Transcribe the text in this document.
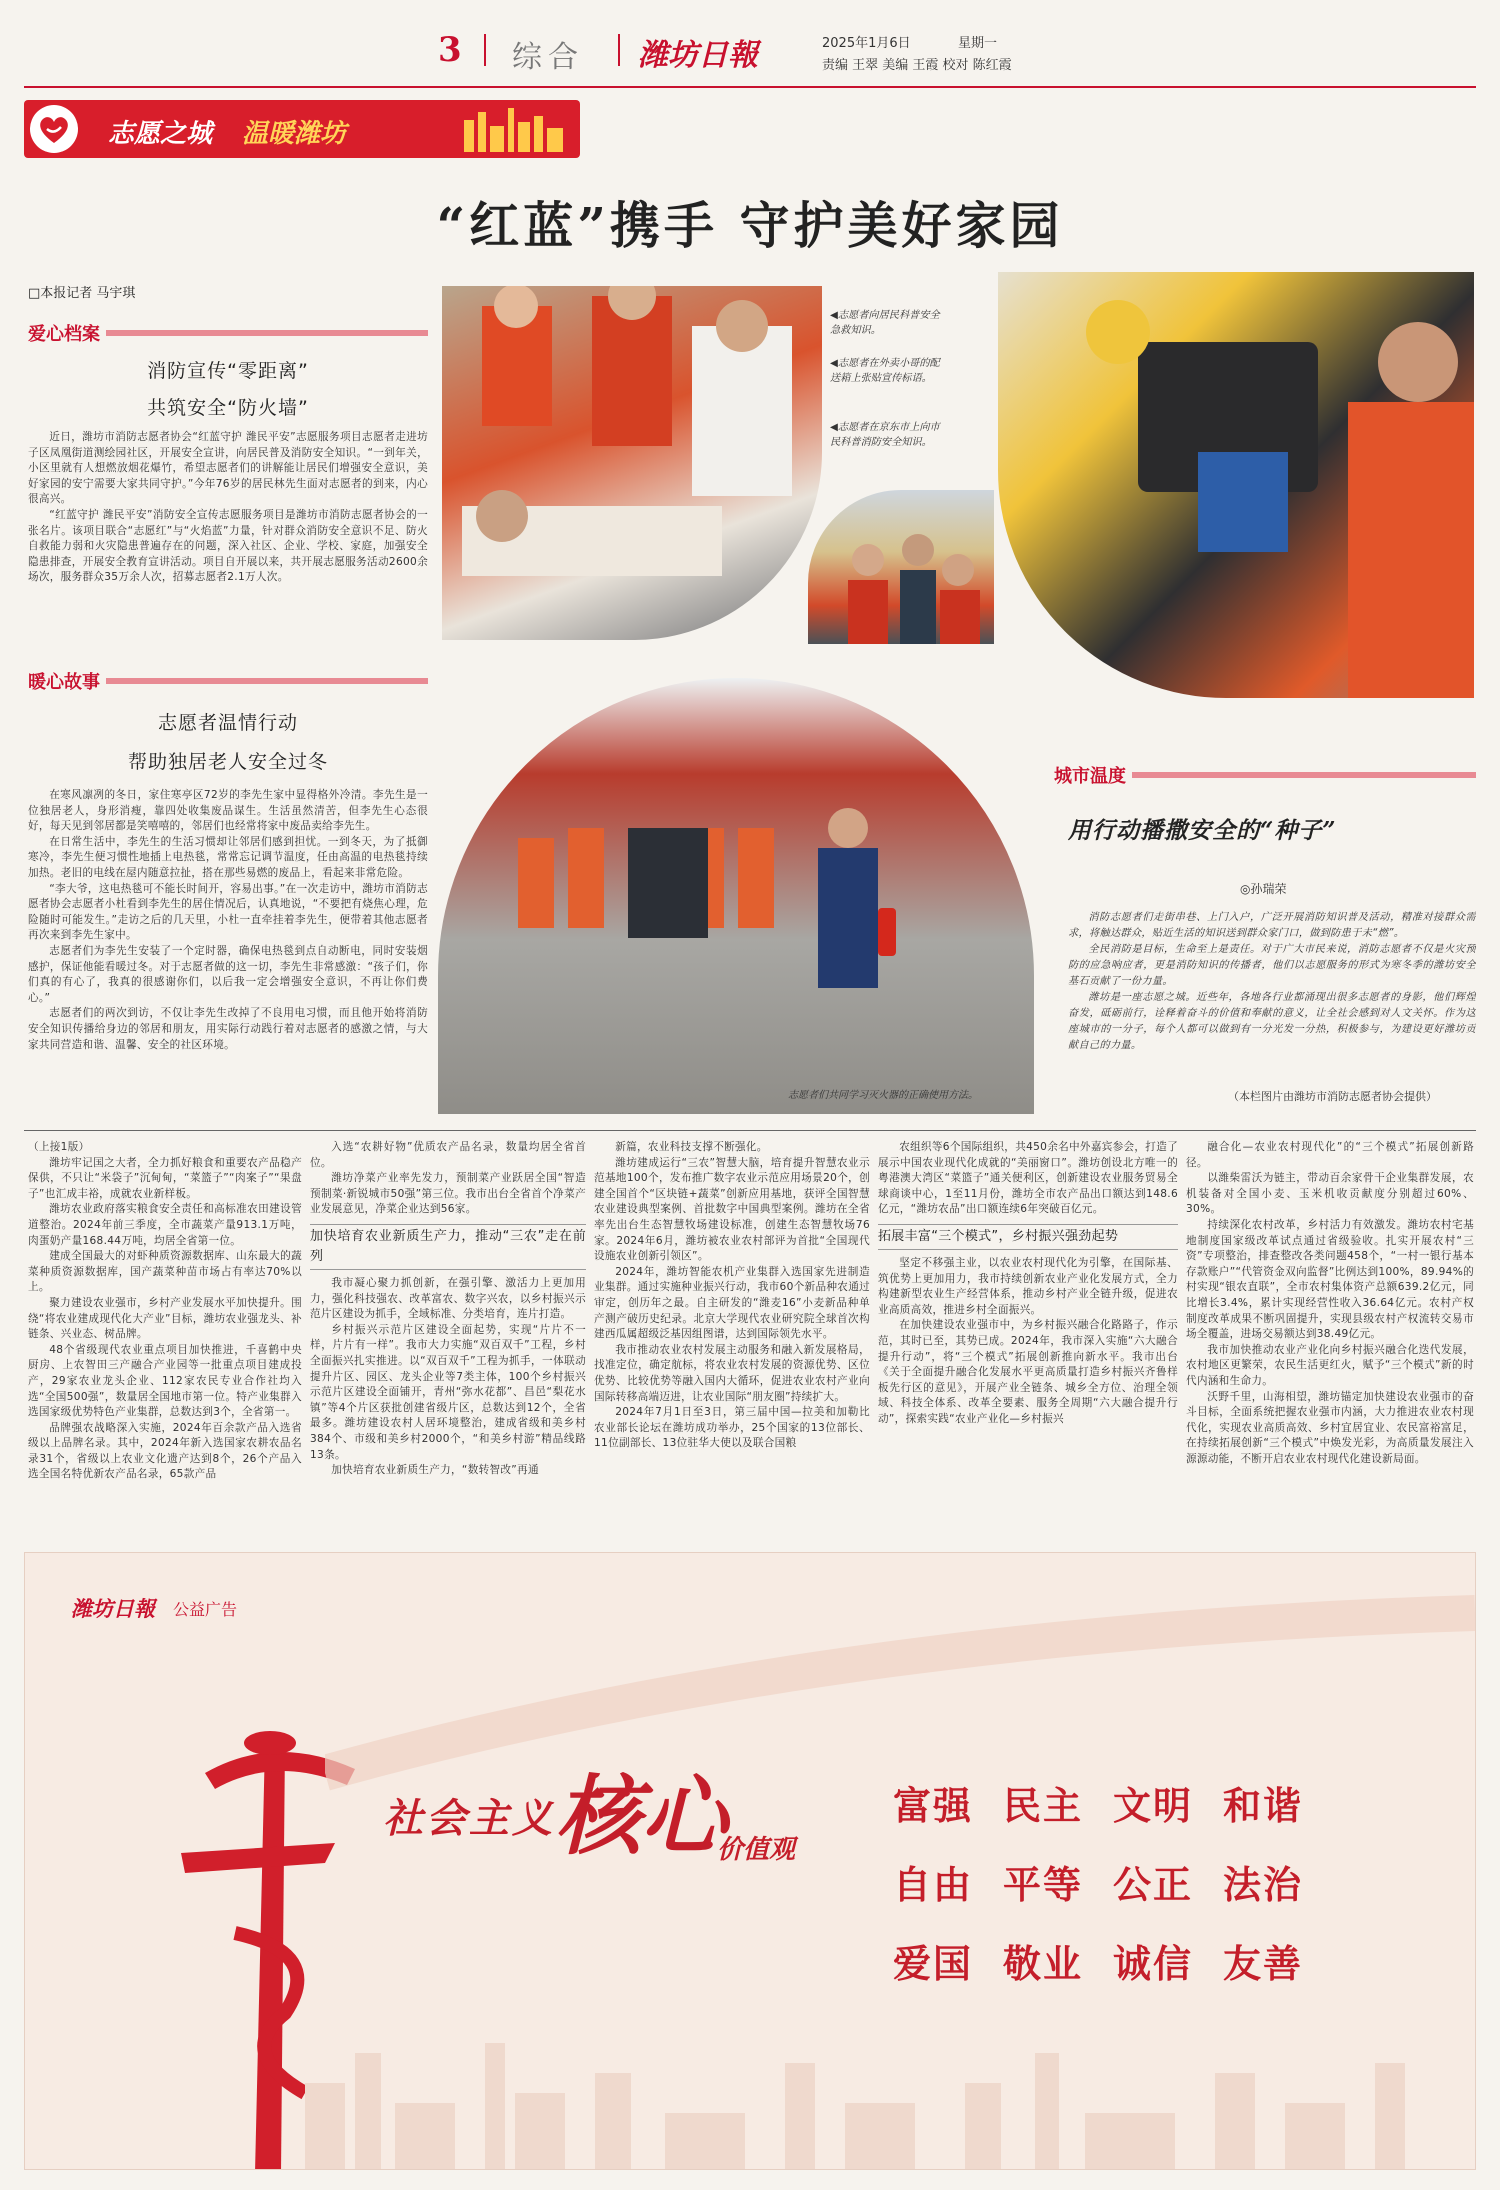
3 综合 潍坊日報	2025年1月6日	星期一
责编 王翠 美编 王霞 校对 陈红霞
志愿之城 温暖潍坊
“红蓝”携手 守护美好家园
□本报记者 马宇琪
爱心档案
消防宣传“零距离”
共筑安全“防火墙”

近日，潍坊市消防志愿者协会“红蓝守护 潍民平安”志愿服务项目志愿者走进坊子区凤凰街道测绘园社区，开展安全宣讲，向居民普及消防安全知识。“一到年关，小区里就有人想燃放烟花爆竹，希望志愿者们的讲解能让居民们增强安全意识，美好家园的安宁需要大家共同守护。”今年76岁的居民林先生面对志愿者的到来，内心很高兴。

“红蓝守护 潍民平安”消防安全宣传志愿服务项目是潍坊市消防志愿者协会的一张名片。该项目联合“志愿红”与“火焰蓝”力量，针对群众消防安全意识不足、防火自救能力弱和火灾隐患普遍存在的问题，深入社区、企业、学校、家庭，加强安全隐患排查，开展安全教育宣讲活动。项目自开展以来，共开展志愿服务活动2600余场次，服务群众35万余人次，招募志愿者2.1万人次。

暖心故事
志愿者温情行动
帮助独居老人安全过冬

在寒风凛冽的冬日，家住寒亭区72岁的李先生家中显得格外冷清。李先生是一位独居老人，身形消瘦，靠四处收集废品谋生。生活虽然清苦，但李先生心态很好，每天见到邻居都是笑嘻嘻的，邻居们也经常将家中废品卖给李先生。

在日常生活中，李先生的生活习惯却让邻居们感到担忧。一到冬天，为了抵御寒冷，李先生便习惯性地插上电热毯，常常忘记调节温度，任由高温的电热毯持续加热。老旧的电线在屋内随意拉扯，搭在那些易燃的废品上，看起来非常危险。

“李大爷，这电热毯可不能长时间开，容易出事。”在一次走访中，潍坊市消防志愿者协会志愿者小杜看到李先生的居住情况后，认真地说，“不要把有烧焦心理，危险随时可能发生。”走访之后的几天里，小杜一直牵挂着李先生，便带着其他志愿者再次来到李先生家中。

志愿者们为李先生安装了一个定时器，确保电热毯到点自动断电，同时安装烟感护，保证他能看暖过冬。对于志愿者做的这一切，李先生非常感激：“孩子们，你们真的有心了，我真的很感谢你们，以后我一定会增强安全意识，不再让你们费心。”

志愿者们的两次到访，不仅让李先生改掉了不良用电习惯，而且他开始将消防安全知识传播给身边的邻居和朋友，用实际行动践行着对志愿者的感激之情，与大家共同营造和谐、温馨、安全的社区环境。

◀志愿者向居民科普安全急救知识。
◀志愿者在外卖小哥的配送箱上张贴宣传标语。
◀志愿者在京东市上向市民科普消防安全知识。
志愿者们共同学习灭火器的正确使用方法。
城市温度
用行动播撒安全的“种子”
◎孙瑞荣

消防志愿者们走街串巷、上门入户，广泛开展消防知识普及活动，精准对接群众需求，将触达群众，贴近生活的知识送到群众家门口，做到防患于未“燃”。

全民消防是目标，生命至上是责任。对于广大市民来说，消防志愿者不仅是火灾预防的应急响应者，更是消防知识的传播者，他们以志愿服务的形式为寒冬季的潍坊安全基石贡献了一份力量。

潍坊是一座志愿之城。近些年，各地各行业都涌现出很多志愿者的身影，他们辉煌奋发，砥砺前行，诠释着奋斗的价值和奉献的意义，让全社会感到对人文关怀。作为这座城市的一分子，每个人都可以做到有一分光发一分热，积极参与，为建设更好潍坊贡献自己的力量。

（本栏图片由潍坊市消防志愿者协会提供）
（上接1版）

潍坊牢记国之大者，全力抓好粮食和重要农产品稳产保供，不只让“米袋子”沉甸甸，“菜篮子”“肉案子”“果盘子”也汇成丰裕，成就农业新样板。

潍坊农业政府落实粮食安全责任和高标准农田建设管道整治。2024年前三季度，全市蔬菜产量913.1万吨，肉蛋奶产量168.44万吨，均居全省第一位。

建成全国最大的对虾种质资源数据库、山东最大的蔬菜种质资源数据库，国产蔬菜种苗市场占有率达70%以上。

聚力建设农业强市，乡村产业发展水平加快提升。围绕“将农业建成现代化大产业”目标，潍坊农业强龙头、补链条、兴业态、树品牌。

48个省级现代农业重点项目加快推进，千喜鹤中央厨房、上农智田三产融合产业园等一批重点项目建成投产，29家农业龙头企业、112家农民专业合作社均入选“全国500强”，数量居全国地市第一位。特产业集群入选国家级优势特色产业集群，总数达到3个，全省第一。

品牌强农战略深入实施，2024年百余款产品入选省级以上品牌名录。其中，2024年新入选国家农耕农品名录31个，省级以上农业文化遗产达到8个，26个产品入选全国名特优新农产品名录，65款产品

入选“农耕好物”优质农产品名录，数量均居全省首位。

潍坊净菜产业率先发力，预制菜产业跃居全国“智造预制菜·新锐城市50强”第三位。我市出台全省首个净菜产业发展意见，净菜企业达到56家。

加快培育农业新质生产力，推动“三农”走在前列

我市凝心聚力抓创新，在强引擎、激活力上更加用力，强化科技强农、改革富农、数字兴农，以乡村振兴示范片区建设为抓手，全域标准、分类培育，连片打造。

乡村振兴示范片区建设全面起势，实现“片片不一样，片片有一样”。我市大力实施“双百双千”工程，乡村全面振兴扎实推进。以“双百双千”工程为抓手，一体联动提升片区、园区、龙头企业等7类主体，100个乡村振兴示范片区建设全面铺开，青州“弥水花都”、昌邑“梨花水镇”等4个片区获批创建省级片区，总数达到12个，全省最多。潍坊建设农村人居环境整治，建成省级和美乡村384个、市级和美乡村2000个，“和美乡村游”精品线路13条。

加快培育农业新质生产力，“数转智改”再通

新篇，农业科技支撑不断强化。

潍坊建成运行“三农”智慧大脑，培育提升智慧农业示范基地100个，发布推广数字农业示范应用场景20个，创建全国首个“区块链+蔬菜”创新应用基地，获评全国智慧农业建设典型案例、首批数字中国典型案例。潍坊在全省率先出台生态智慧牧场建设标准，创建生态智慧牧场76家。2024年6月，潍坊被农业农村部评为首批“全国现代设施农业创新引领区”。

2024年，潍坊智能农机产业集群入选国家先进制造业集群。通过实施种业振兴行动，我市60个新品种农通过审定，创历年之最。自主研发的“潍麦16”小麦新品种单产测产破历史纪录。北京大学现代农业研究院全球首次构建西瓜属超级泛基因组图谱，达到国际领先水平。

我市推动农业农村发展主动服务和融入新发展格局，找准定位，确定航标，将农业农村发展的资源优势、区位优势、比较优势等融入国内大循环，促进农业农村产业向国际转移高端迈进，让农业国际“朋友圈”持续扩大。

2024年7月1日至3日，第三届中国—拉美和加勒比农业部长论坛在潍坊成功举办，25个国家的13位部长、11位副部长、13位驻华大使以及联合国粮

农组织等6个国际组织，共450余名中外嘉宾参会，打造了展示中国农业现代化成就的“美丽窗口”。潍坊创设北方唯一的粤港澳大湾区“菜篮子”通关便利区，创新建设农业服务贸易全球商谈中心，1至11月份，潍坊全市农产品出口额达到148.6亿元，“潍坊农品”出口额连续6年突破百亿元。

拓展丰富“三个模式”，乡村振兴强劲起势

坚定不移强主业，以农业农村现代化为引擎，在国际基、筑优势上更加用力，我市持续创新农业产业化发展方式，全力构建新型农业生产经营体系，推动乡村产业全链升级，促进农业高质高效，推进乡村全面振兴。

在加快建设农业强市中，为乡村振兴融合化路路子，作示范，其时已至，其势已成。2024年，我市深入实施“六大融合提升行动”，将“三个模式”拓展创新推向新水平。我市出台《关于全面提升融合化发展水平更高质量打造乡村振兴齐鲁样板先行区的意见》，开展产业全链条、城乡全方位、治理全领域、科技全体系、改革全要素、服务全周期“六大融合提升行动”，探索实践“农业产业化—乡村振兴

融合化—农业农村现代化”的“三个模式”拓展创新路径。

以潍柴雷沃为链主，带动百余家骨干企业集群发展，农机装备对全国小麦、玉米机收贡献度分别超过60%、30%。

持续深化农村改革，乡村活力有效激发。潍坊农村宅基地制度国家级改革试点通过省级验收。扎实开展农村“三资”专项整治，排查整改各类问题458个，“一村一银行基本存款账户”“代管资金双向监督”比例达到100%，89.94%的村实现“银农直联”，全市农村集体资产总额639.2亿元，同比增长3.4%，累计实现经营性收入36.64亿元。农村产权制度改革成果不断巩固提升，实现县级农村产权流转交易市场全覆盖，进场交易额达到38.49亿元。

我市加快推动农业产业化向乡村振兴融合化迭代发展，农村地区更繁荣，农民生活更红火，赋予“三个模式”新的时代内涵和生命力。

沃野千里，山海相望，潍坊锚定加快建设农业强市的奋斗目标，全面系统把握农业强市内涵，大力推进农业农村现代化，实现农业高质高效、乡村宜居宜业、农民富裕富足，在持续拓展创新“三个模式”中焕发光彩，为高质量发展注入源源动能，不断开启农业农村现代化建设新局面。

潍坊日報 公益广告
社会主义 核心
价值观
富强 民主 文明 和谐
自由 平等 公正 法治
爱国 敬业 诚信 友善
